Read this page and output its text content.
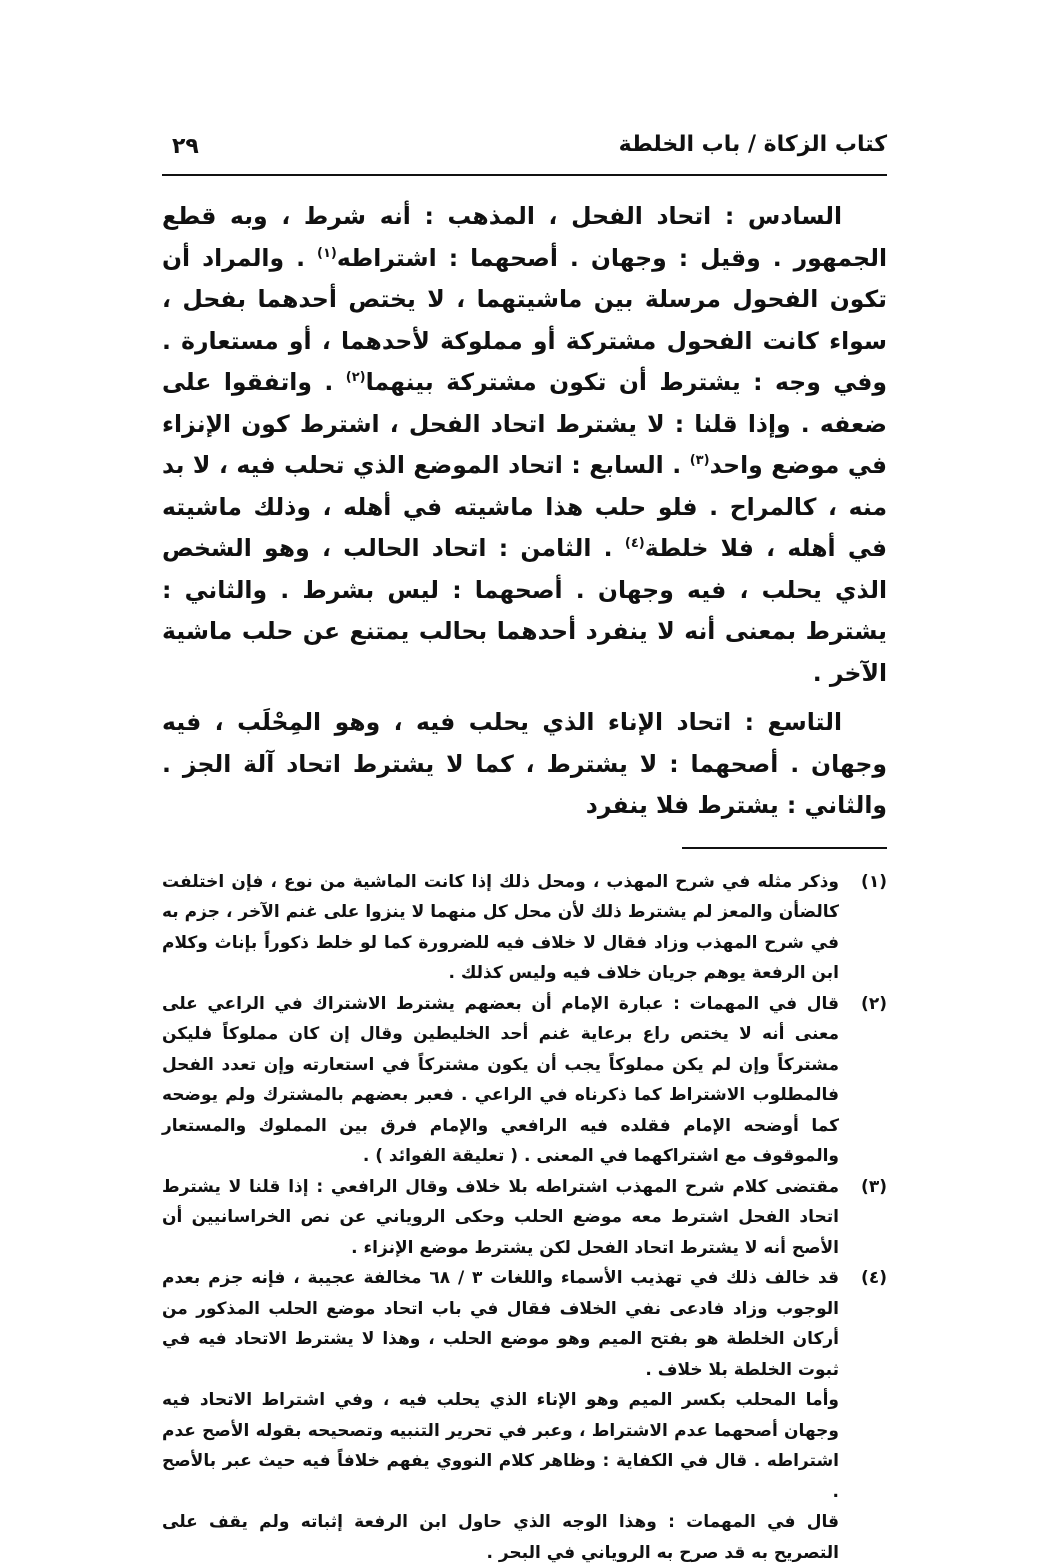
كتاب الزكاة / باب الخلطة
٢٩

السادس : اتحاد الفحل ، المذهب : أنه شرط ، وبه قطع الجمهور . وقيل : وجهان . أصحهما : اشتراطه$^{(١)}$ . والمراد أن تكون الفحول مرسلة بين ماشيتهما ، لا يختص أحدهما بفحل ، سواء كانت الفحول مشتركة أو مملوكة لأحدهما ، أو مستعارة . وفي وجه : يشترط أن تكون مشتركة بينهما$^{(٢)}$ . واتفقوا على ضعفه . وإذا قلنا : لا يشترط اتحاد الفحل ، اشترط كون الإنزاء في موضع واحد$^{(٣)}$ . السابع : اتحاد الموضع الذي تحلب فيه ، لا بد منه ، كالمراح . فلو حلب هذا ماشيته في أهله ، وذلك ماشيته في أهله ، فلا خلطة$^{(٤)}$ . الثامن : اتحاد الحالب ، وهو الشخص الذي يحلب ، فيه وجهان . أصحهما : ليس بشرط . والثاني : يشترط بمعنى أنه لا ينفرد أحدهما بحالب يمتنع عن حلب ماشية الآخر .

التاسع : اتحاد الإناء الذي يحلب فيه ، وهو المِحْلَب ، فيه وجهان . أصحهما : لا يشترط ، كما لا يشترط اتحاد آلة الجز . والثاني : يشترط فلا ينفرد

(١)

وذكر مثله في شرح المهذب ، ومحل ذلك إذا كانت الماشية من نوع ، فإن اختلفت كالضأن والمعز لم يشترط ذلك لأن محل كل منهما لا ينزوا على غنم الآخر ، جزم به في شرح المهذب وزاد فقال لا خلاف فيه للضرورة كما لو خلط ذكوراً بإناث وكلام ابن الرفعة يوهم جريان خلاف فيه وليس كذلك .

(٢)

قال في المهمات : عبارة الإمام أن بعضهم يشترط الاشتراك في الراعي على معنى أنه لا يختص راع برعاية غنم أحد الخليطين وقال إن كان مملوكاً فليكن مشتركاً وإن لم يكن مملوكاً يجب أن يكون مشتركاً في استعارته وإن تعدد الفحل فالمطلوب الاشتراط كما ذكرناه في الراعي . فعبر بعضهم بالمشترك ولم يوضحه كما أوضحه الإمام فقلده فيه الرافعي والإمام فرق بين المملوك والمستعار والموقوف مع اشتراكهما في المعنى . ( تعليقة الفوائد ) .

(٣)

مقتضى كلام شرح المهذب اشتراطه بلا خلاف وقال الرافعي : إذا قلنا لا يشترط اتحاد الفحل اشترط معه موضع الحلب وحكى الروياني عن نص الخراسانيين أن الأصح أنه لا يشترط اتحاد الفحل لكن يشترط موضع الإنزاء .

(٤)

قد خالف ذلك في تهذيب الأسماء واللغات ٣ / ٦٨ مخالفة عجيبة ، فإنه جزم بعدم الوجوب وزاد فادعى نفي الخلاف فقال في باب اتحاد موضع الحلب المذكور من أركان الخلطة هو بفتح الميم وهو موضع الحلب ، وهذا لا يشترط الاتحاد فيه في ثبوت الخلطة بلا خلاف .

وأما المحلب بكسر الميم وهو الإناء الذي يحلب فيه ، وفي اشتراط الاتحاد فيه وجهان أصحهما عدم الاشتراط ، وعبر في تحرير التنبيه وتصحيحه بقوله الأصح عدم اشتراطه . قال في الكفاية : وظاهر كلام النووي يفهم خلافاً فيه حيث عبر بالأصح .

قال في المهمات : وهذا الوجه الذي حاول ابن الرفعة إثباته ولم يقف على التصريح به قد صرح به الروياني في البحر .
